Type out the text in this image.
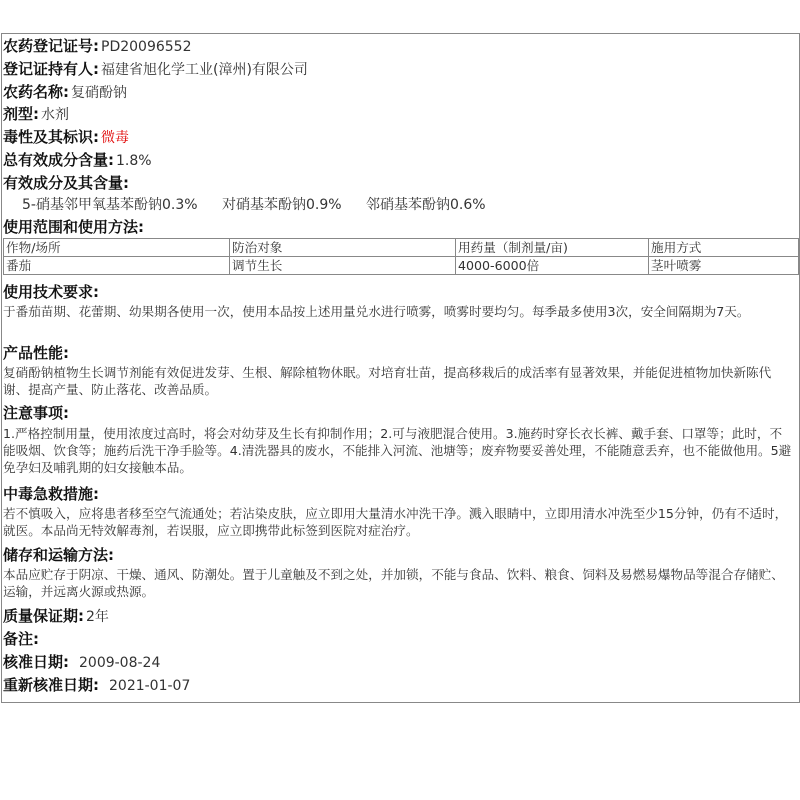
农药登记证号: PD20096552
登记证持有人: 福建省旭化学工业(漳州)有限公司
农药名称: 复硝酚钠
剂型: 水剂
毒性及其标识: 微毒
总有效成分含量: 1.8%
有效成分及其含量:
5-硝基邻甲氧基苯酚钠0.3% 对硝基苯酚钠0.9% 邻硝基苯酚钠0.6%
使用范围和使用方法:
作物/场所	防治对象	用药量（制剂量/亩)	施用方式
番茄	调节生长	4000-6000倍	茎叶喷雾
使用技术要求:
于番茄苗期、花蕾期、幼果期各使用一次，使用本品按上述用量兑水进行喷雾，喷雾时要均匀。每季最多使用3次，安全间隔期为7天。
产品性能:
复硝酚钠植物生长调节剂能有效促进发芽、生根、解除植物休眠。对培育壮苗，提高移栽后的成活率有显著效果，并能促进植物加快新陈代谢、提高产量、防止落花、改善品质。
注意事项:
1.严格控制用量，使用浓度过高时，将会对幼芽及生长有抑制作用；2.可与液肥混合使用。3.施药时穿长衣长裤、戴手套、口罩等；此时，不能吸烟、饮食等；施药后洗干净手脸等。4.清洗器具的废水，不能排入河流、池塘等；废弃物要妥善处理，不能随意丢弃，也不能做他用。5避免孕妇及哺乳期的妇女接触本品。
中毒急救措施:
若不慎吸入，应将患者移至空气流通处；若沾染皮肤，应立即用大量清水冲洗干净。溅入眼睛中，立即用清水冲洗至少15分钟，仍有不适时，就医。本品尚无特效解毒剂，若误服，应立即携带此标签到医院对症治疗。
储存和运输方法:
本品应贮存于阴凉、干燥、通风、防潮处。置于儿童触及不到之处，并加锁，不能与食品、饮料、粮食、饲料及易燃易爆物品等混合存储贮、运输，并远离火源或热源。
质量保证期: 2年
备注:
核准日期: 2009-08-24
重新核准日期: 2021-01-07
